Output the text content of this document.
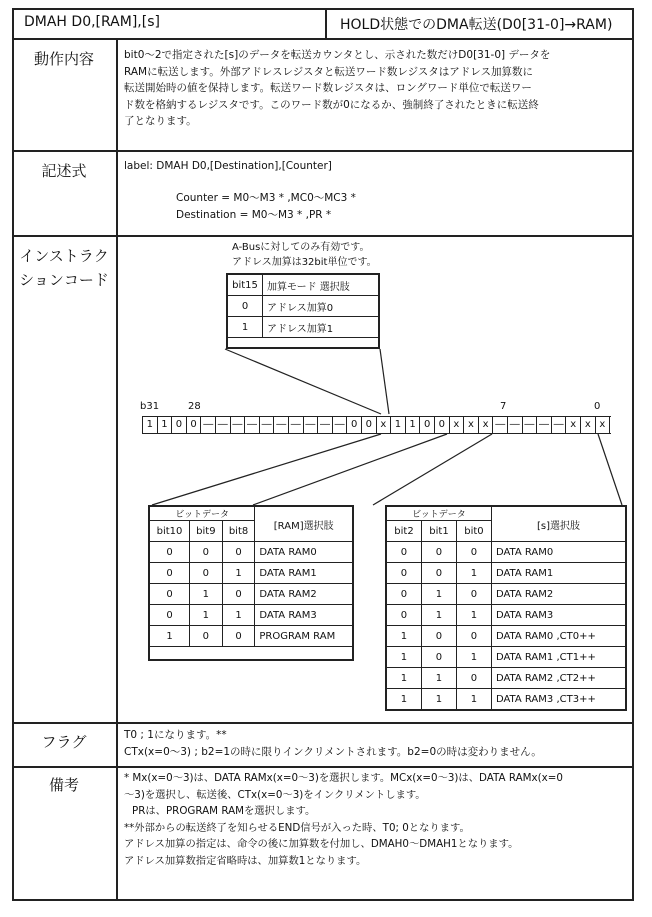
DMAH D0,[RAM],[s]	HOLD状態でのDMA転送(D0[31-0]→RAM)
動作内容	bit0～2で指定された[s]のデータを転送カウンタとし、示された数だけD0[31-0] データを
RAMに転送します。外部アドレスレジスタと転送ワード数レジスタはアドレス加算数に
転送開始時の値を保持します。転送ワード数レジスタは、ロングワード単位で転送ワー
ド数を格納するレジスタです。このワード数が0になるか、強制終了されたときに転送終
了となります。
記述式	label: DMAH D0,[Destination],[Counter]
Counter = M0～M3 * ,MC0～MC3 *
Destination = M0～M3 * ,PR *
インストラク
ションコード
A-Busに対してのみ有効です。
アドレス加算は32bit単位です。
bit15	加算モード 選択肢
0	アドレス加算0
1	アドレス加算1
b31	28	7	0
1 1 0 0 ― ― ― ― ― ― ― ― ― ― 0 0 x 1 1 0 0 x x x ― ― ― ― ― x x x
ビットデータ			[RAM]選択肢
bit10	bit9	bit8	
0	0	0	DATA RAM0
0	0	1	DATA RAM1
0	1	0	DATA RAM2
0	1	1	DATA RAM3
1	0	0	PROGRAM RAM
ビットデータ			[s]選択肢
bit2	bit1	bit0	
0	0	0	DATA RAM0
0	0	1	DATA RAM1
0	1	0	DATA RAM2
0	1	1	DATA RAM3
1	0	0	DATA RAM0 ,CT0++
1	0	1	DATA RAM1 ,CT1++
1	1	0	DATA RAM2 ,CT2++
1	1	1	DATA RAM3 ,CT3++
フラグ	T0 ; 1になります。**
CTx(x=0～3) ; b2=1の時に限りインクリメントされます。b2=0の時は変わりません。
備考	* Mx(x=0～3)は、DATA RAMx(x=0～3)を選択します。MCx(x=0～3)は、DATA RAMx(x=0
～3)を選択し、転送後、CTx(x=0～3)をインクリメントします。
PRは、PROGRAM RAMを選択します。
**外部からの転送終了を知らせるEND信号が入った時、T0; 0となります。
アドレス加算の指定は、命令の後に加算数を付加し、DMAH0～DMAH1となります。
アドレス加算数指定省略時は、加算数1となります。
